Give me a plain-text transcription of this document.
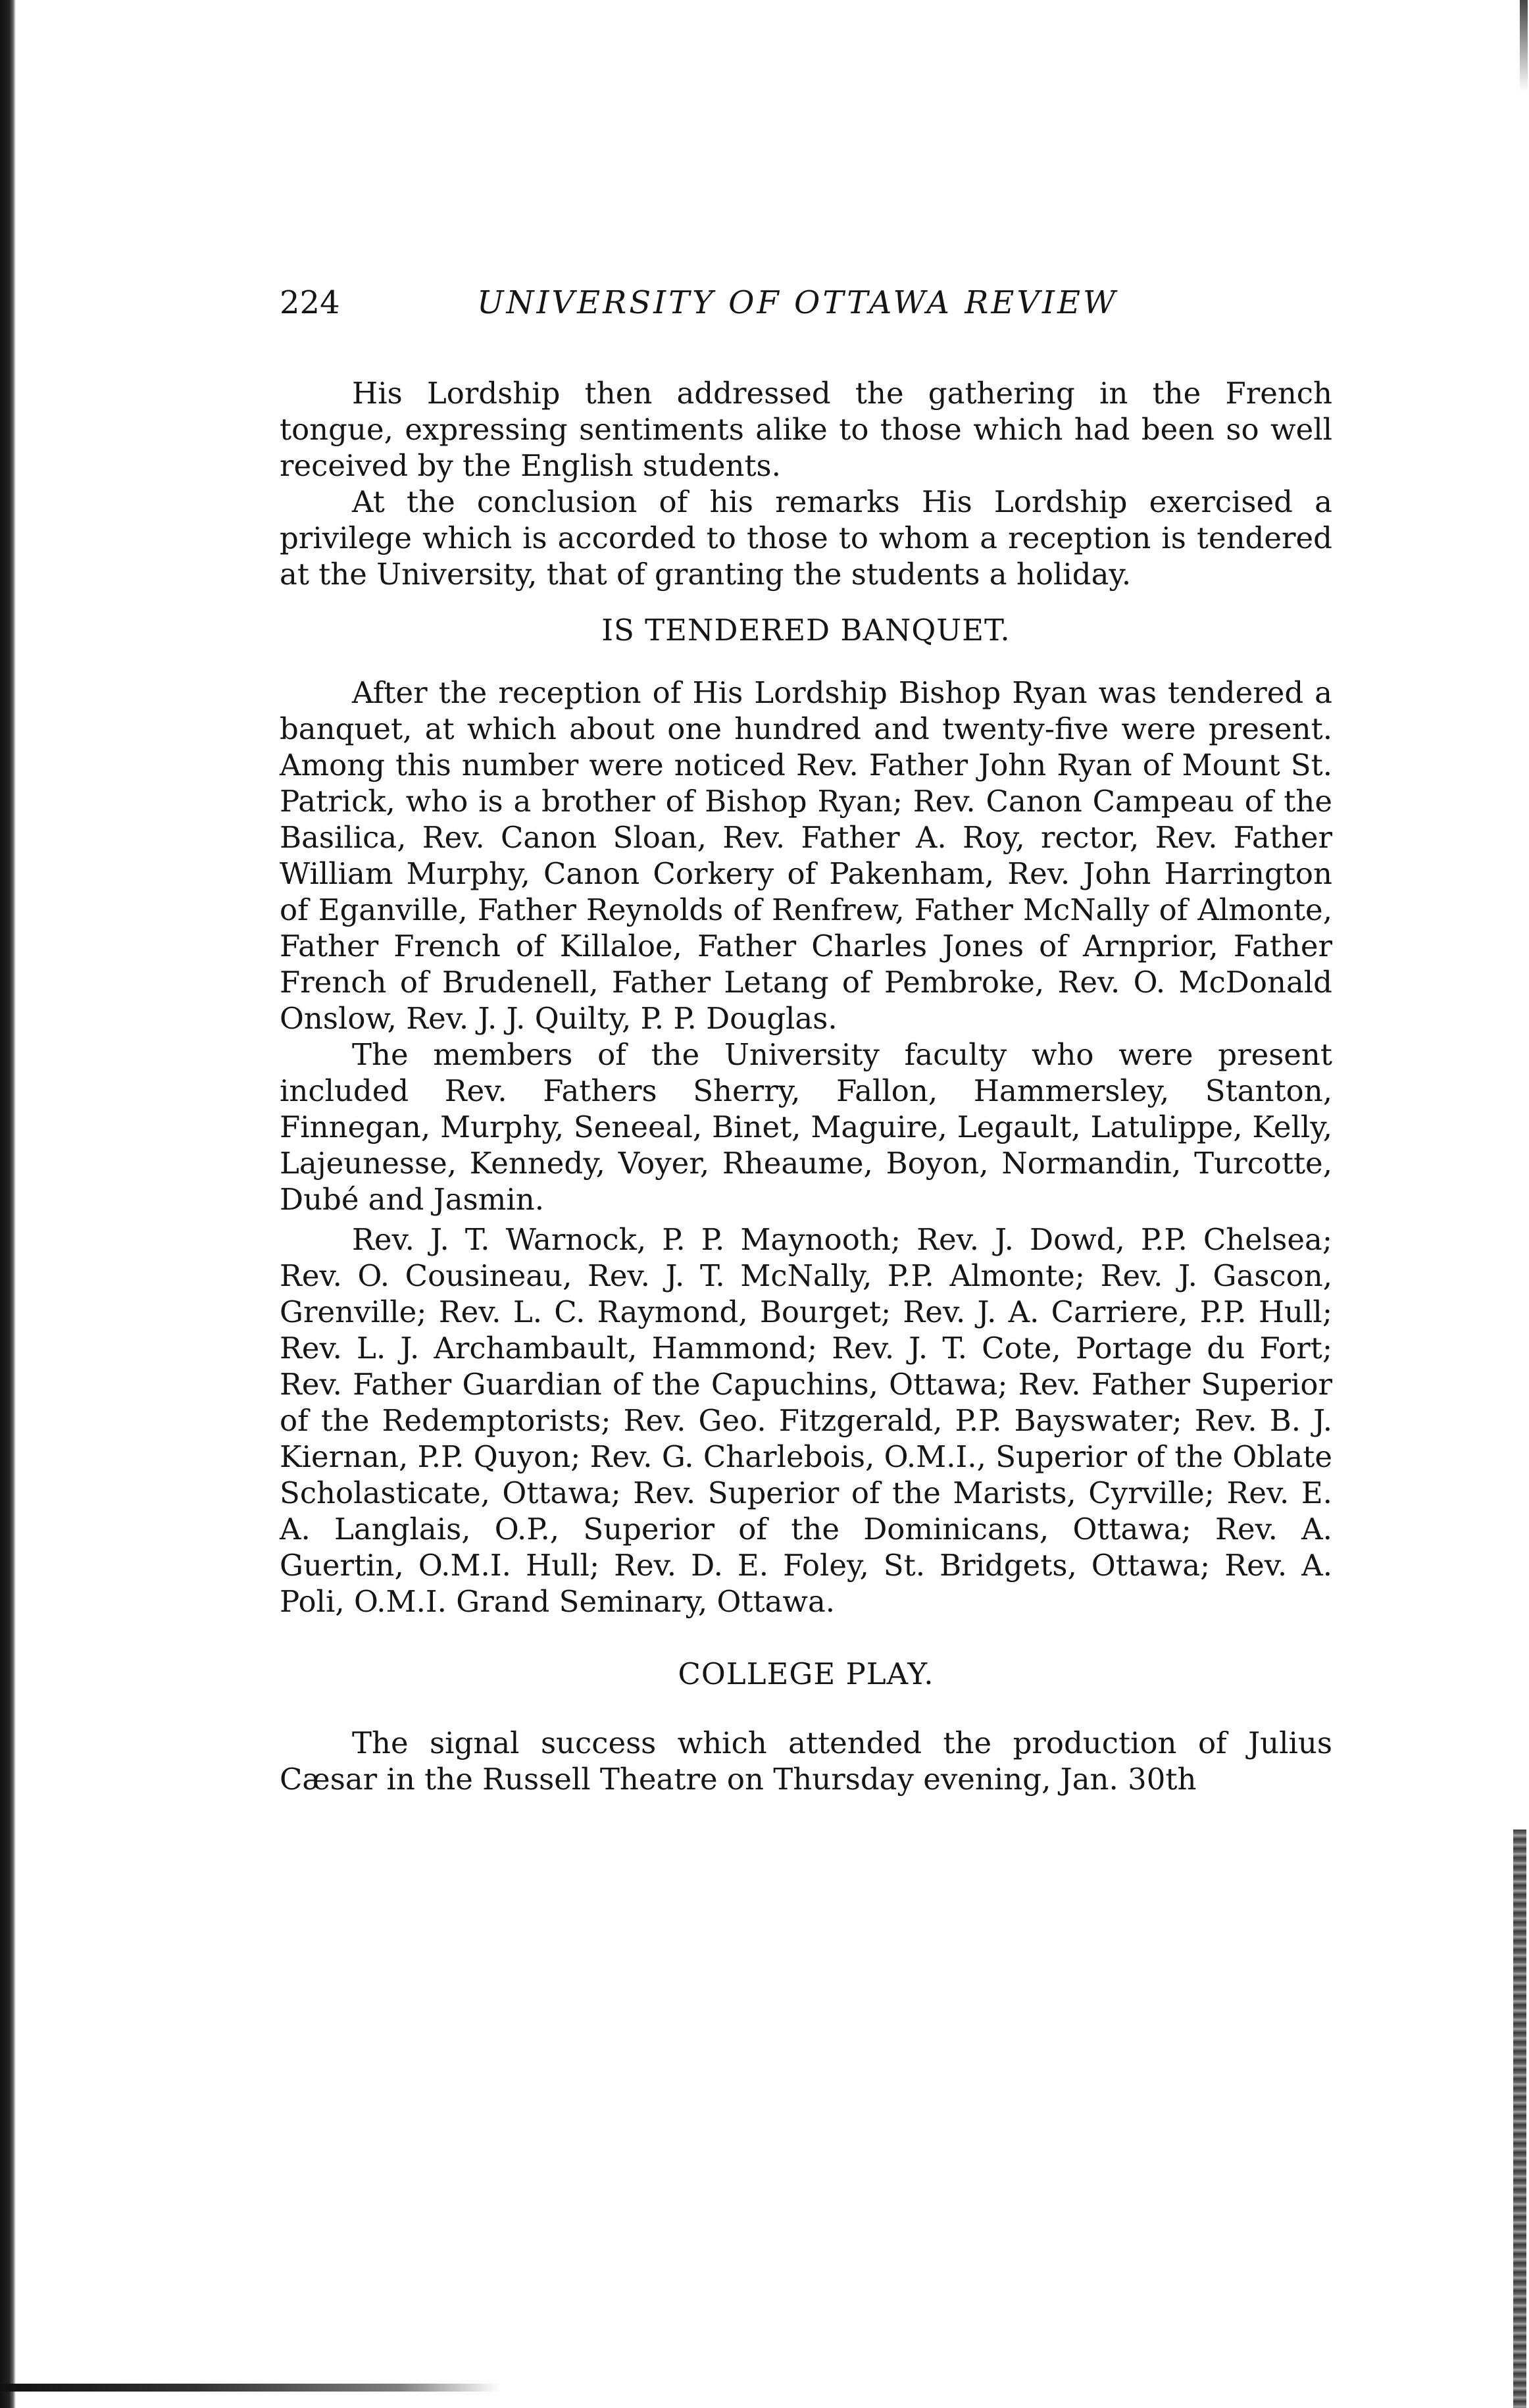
224	UNIVERSITY OF OTTAWA REVIEW

His Lordship then addressed the gathering in the French tongue, expressing sentiments alike to those which had been so well received by the English students.

At the conclusion of his remarks His Lordship exercised a privilege which is accorded to those to whom a reception is tendered at the University, that of granting the students a holiday.

IS TENDERED BANQUET.

After the reception of His Lordship Bishop Ryan was tendered a banquet, at which about one hundred and twenty-five were present. Among this number were noticed Rev. Father John Ryan of Mount St. Patrick, who is a brother of Bishop Ryan; Rev. Canon Campeau of the Basilica, Rev. Canon Sloan, Rev. Father A. Roy, rector, Rev. Father William Murphy, Canon Corkery of Pakenham, Rev. John Harrington of Eganville, Father Reynolds of Renfrew, Father McNally of Almonte, Father French of Killaloe, Father Charles Jones of Arnprior, Father French of Brudenell, Father Letang of Pembroke, Rev. O. McDonald Onslow, Rev. J. J. Quilty, P. P. Douglas.

The members of the University faculty who were present included Rev. Fathers Sherry, Fallon, Hammersley, Stanton, Finnegan, Murphy, Seneeal, Binet, Maguire, Legault, Latulippe, Kelly, Lajeunesse, Kennedy, Voyer, Rheaume, Boyon, Normandin, Turcotte, Dubé and Jasmin.

Rev. J. T. Warnock, P. P. Maynooth; Rev. J. Dowd, P.P. Chelsea; Rev. O. Cousineau, Rev. J. T. McNally, P.P. Almonte; Rev. J. Gascon, Grenville; Rev. L. C. Raymond, Bourget; Rev. J. A. Carriere, P.P. Hull; Rev. L. J. Archambault, Hammond; Rev. J. T. Cote, Portage du Fort; Rev. Father Guardian of the Capuchins, Ottawa; Rev. Father Superior of the Redemptorists; Rev. Geo. Fitzgerald, P.P. Bayswater; Rev. B. J. Kiernan, P.P. Quyon; Rev. G. Charlebois, O.M.I., Superior of the Oblate Scholasticate, Ottawa; Rev. Superior of the Marists, Cyrville; Rev. E. A. Langlais, O.P., Superior of the Dominicans, Ottawa; Rev. A. Guertin, O.M.I. Hull; Rev. D. E. Foley, St. Bridgets, Ottawa; Rev. A. Poli, O.M.I. Grand Seminary, Ottawa.

COLLEGE PLAY.

The signal success which attended the production of Julius Cæsar in the Russell Theatre on Thursday evening, Jan. 30th
